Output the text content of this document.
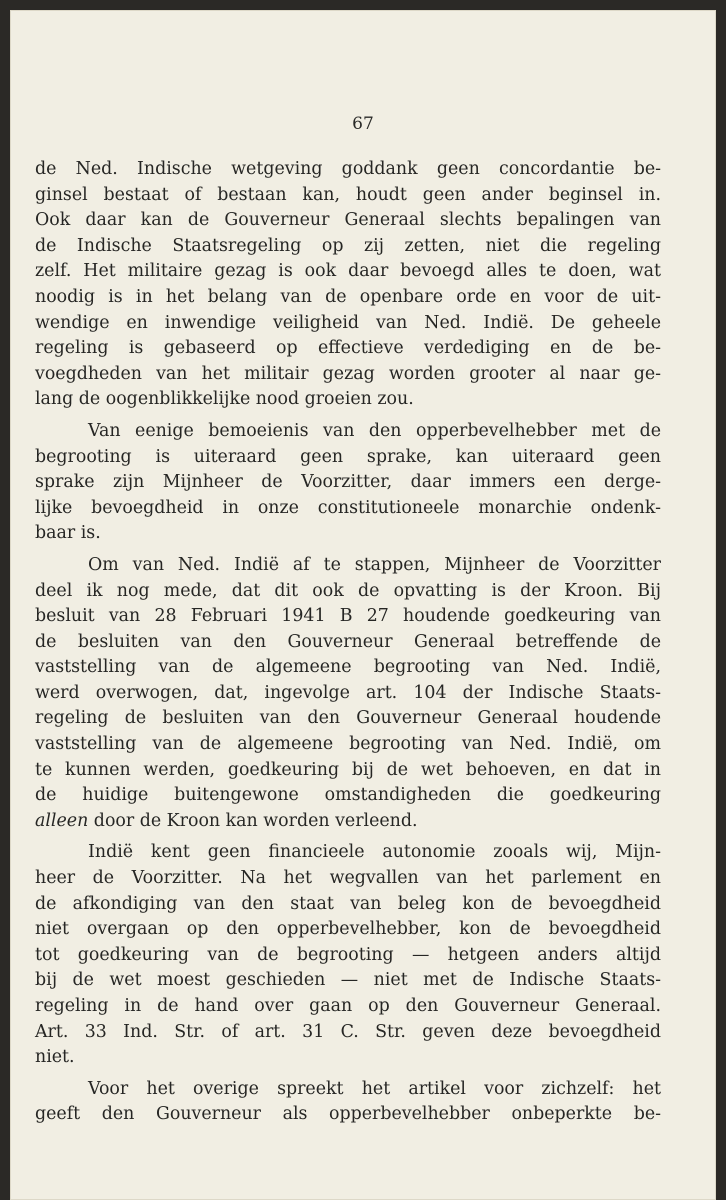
67
de Ned. Indische wetgeving goddank geen concordantie be-
ginsel bestaat of bestaan kan, houdt geen ander beginsel in.
Ook daar kan de Gouverneur Generaal slechts bepalingen van
de Indische Staatsregeling op zij zetten, niet die regeling
zelf. Het militaire gezag is ook daar bevoegd alles te doen, wat
noodig is in het belang van de openbare orde en voor de uit-
wendige en inwendige veiligheid van Ned. Indië. De geheele
regeling is gebaseerd op effectieve verdediging en de be-
voegdheden van het militair gezag worden grooter al naar ge-
lang de oogenblikkelijke nood groeien zou.
Van eenige bemoeienis van den opperbevelhebber met de
begrooting is uiteraard geen sprake, kan uiteraard geen
sprake zijn Mijnheer de Voorzitter, daar immers een derge-
lijke bevoegdheid in onze constitutioneele monarchie ondenk-
baar is.
Om van Ned. Indië af te stappen, Mijnheer de Voorzitter
deel ik nog mede, dat dit ook de opvatting is der Kroon. Bij
besluit van 28 Februari 1941 B 27 houdende goedkeuring van
de besluiten van den Gouverneur Generaal betreffende de
vaststelling van de algemeene begrooting van Ned. Indië,
werd overwogen, dat, ingevolge art. 104 der Indische Staats-
regeling de besluiten van den Gouverneur Generaal houdende
vaststelling van de algemeene begrooting van Ned. Indië, om
te kunnen werden, goedkeuring bij de wet behoeven, en dat in
de huidige buitengewone omstandigheden die goedkeuring
alleen door de Kroon kan worden verleend.
Indië kent geen financieele autonomie zooals wij, Mijn-
heer de Voorzitter. Na het wegvallen van het parlement en
de afkondiging van den staat van beleg kon de bevoegdheid
niet overgaan op den opperbevelhebber, kon de bevoegdheid
tot goedkeuring van de begrooting — hetgeen anders altijd
bij de wet moest geschieden — niet met de Indische Staats-
regeling in de hand over gaan op den Gouverneur Generaal.
Art. 33 Ind. Str. of art. 31 C. Str. geven deze bevoegdheid
niet.
Voor het overige spreekt het artikel voor zichzelf: het
geeft den Gouverneur als opperbevelhebber onbeperkte be-
